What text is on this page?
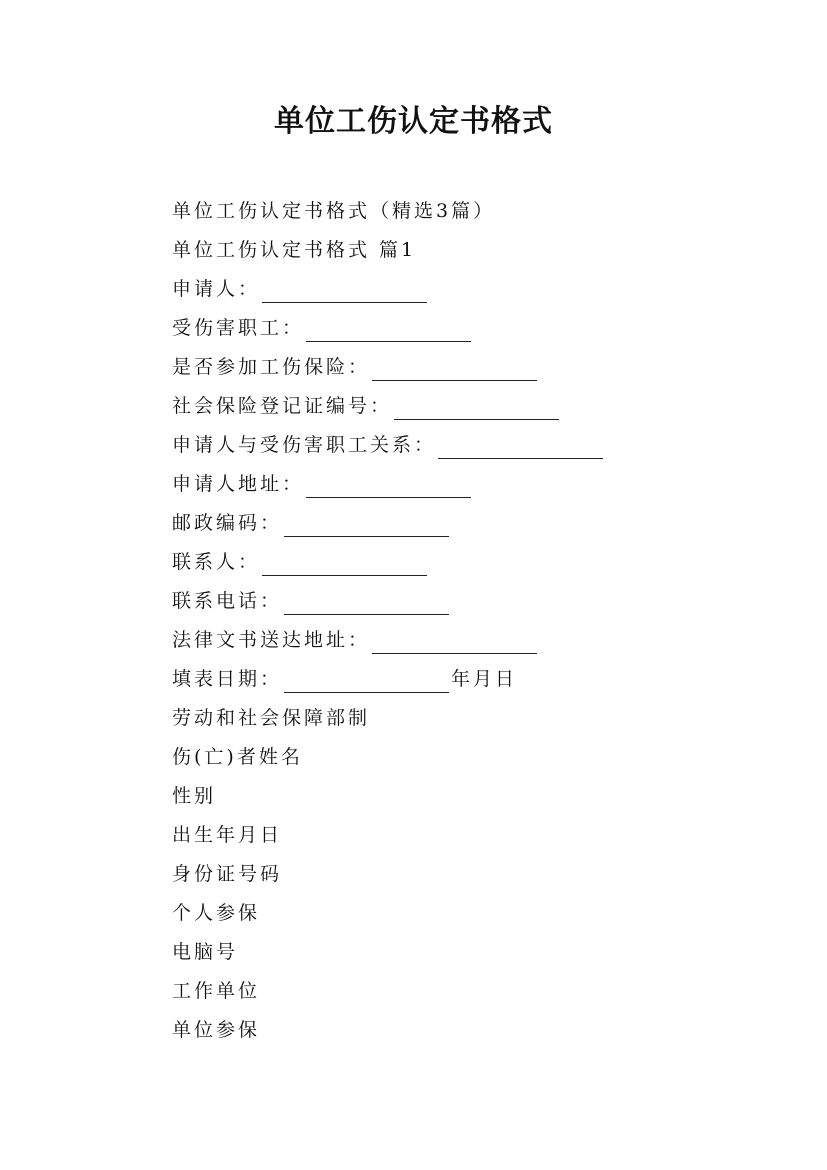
单位工伤认定书格式
单位工伤认定书格式（精选3篇）
单位工伤认定书格式 篇1
申请人：
受伤害职工：
是否参加工伤保险：
社会保险登记证编号：
申请人与受伤害职工关系：
申请人地址：
邮政编码：
联系人：
联系电话：
法律文书送达地址：
填表日期：	年月日
劳动和社会保障部制
伤(亡)者姓名
性别
出生年月日
身份证号码
个人参保
电脑号
工作单位
单位参保
